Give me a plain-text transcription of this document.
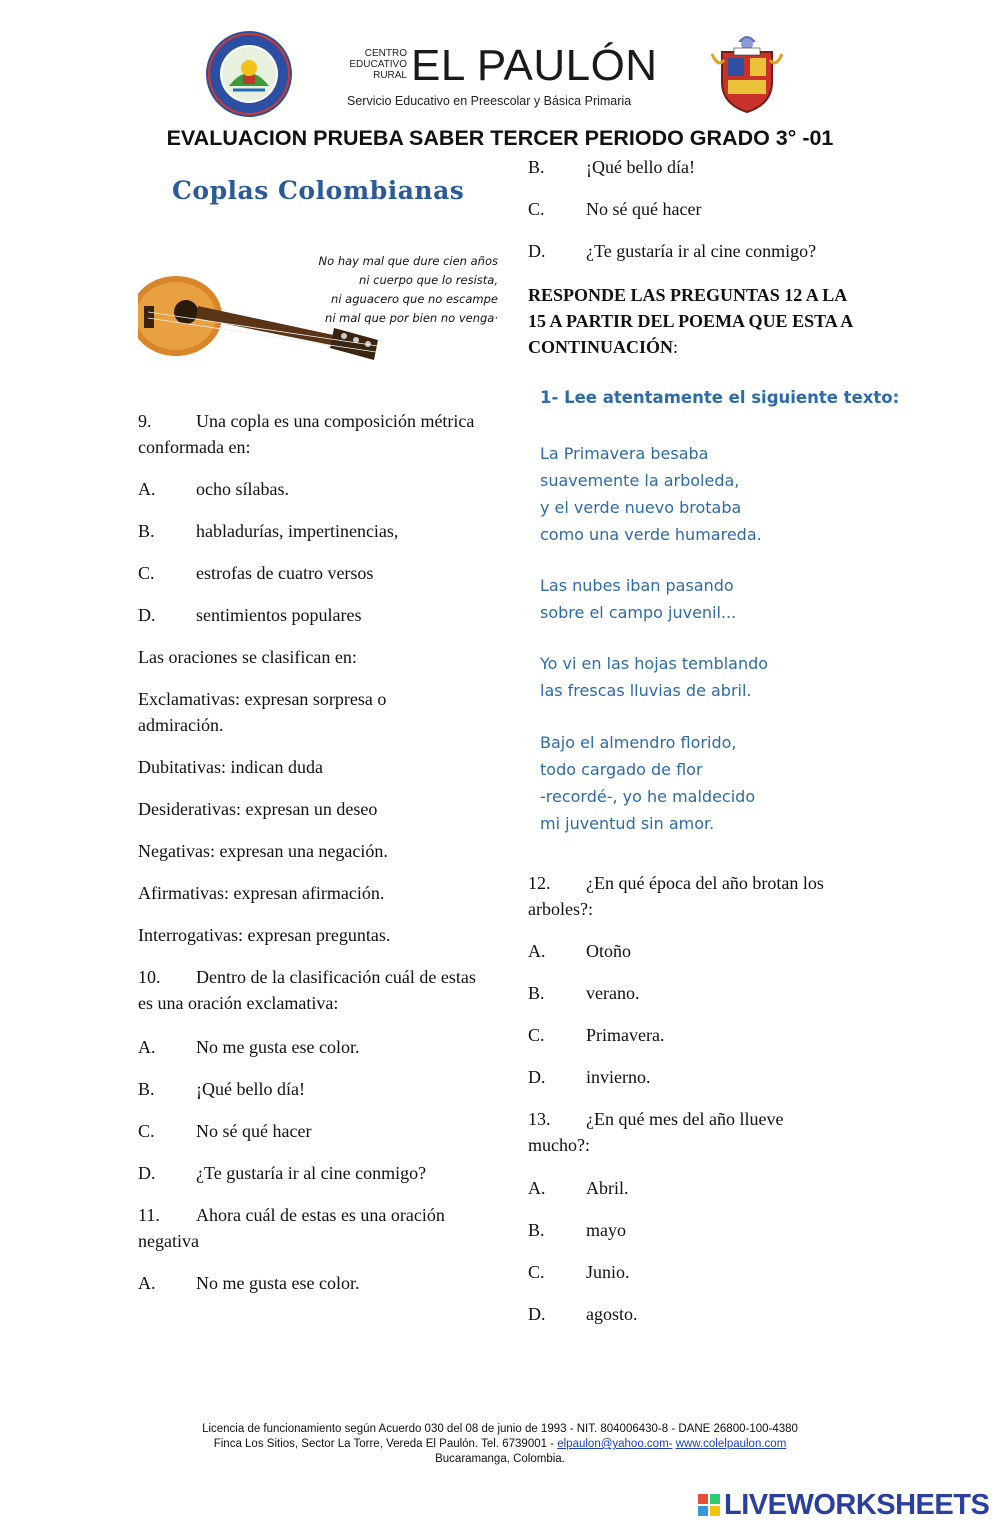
CENTRO
EDUCATIVO
RURAL EL PAULÓN
Servicio Educativo en Preescolar y Básica Primaria
EVALUACION PRUEBA SABER TERCER PERIODO GRADO 3° -01
Coplas Colombianas
No hay mal que dure cien años
ni cuerpo que lo resista,
ni aguacero que no escampe
ni mal que por bien no venga·
9. Una copla es una composición métrica conformada en:
A. ocho sílabas.
B. habladurías, impertinencias,
C. estrofas de cuatro versos
D. sentimientos populares
Las oraciones se clasifican en:
Exclamativas: expresan sorpresa o admiración.
Dubitativas: indican duda
Desiderativas: expresan un deseo
Negativas: expresan una negación.
Afirmativas: expresan afirmación.
Interrogativas: expresan preguntas.
10. Dentro de la clasificación cuál de estas es una oración exclamativa:
A. No me gusta ese color.
B. ¡Qué bello día!
C. No sé qué hacer
D. ¿Te gustaría ir al cine conmigo?
11. Ahora cuál de estas es una oración negativa
A. No me gusta ese color.
B. ¡Qué bello día!
C. No sé qué hacer
D. ¿Te gustaría ir al cine conmigo?
RESPONDE LAS PREGUNTAS 12 A LA 15 A PARTIR DEL POEMA QUE ESTA A CONTINUACIÓN:
1- Lee atentamente el siguiente texto:
La Primavera besaba
suavemente la arboleda,
y el verde nuevo brotaba
como una verde humareda.
Las nubes iban pasando
sobre el campo juvenil...
Yo vi en las hojas temblando
las frescas lluvias de abril.
Bajo el almendro florido,
todo cargado de flor
-recordé-, yo he maldecido
mi juventud sin amor.
12. ¿En qué época del año brotan los arboles?:
A. Otoño
B. verano.
C. Primavera.
D. invierno.
13. ¿En qué mes del año llueve mucho?:
A. Abril.
B. mayo
C. Junio.
D. agosto.
Licencia de funcionamiento según Acuerdo 030 del 08 de junio de 1993 - NIT. 804006430-8 - DANE 26800-100-4380
Finca Los Sitios, Sector La Torre, Vereda El Paulón. Tel. 6739001 - elpaulon@yahoo.com- www.colelpaulon.com
Bucaramanga, Colombia.
LIVEWORKSHEETS
